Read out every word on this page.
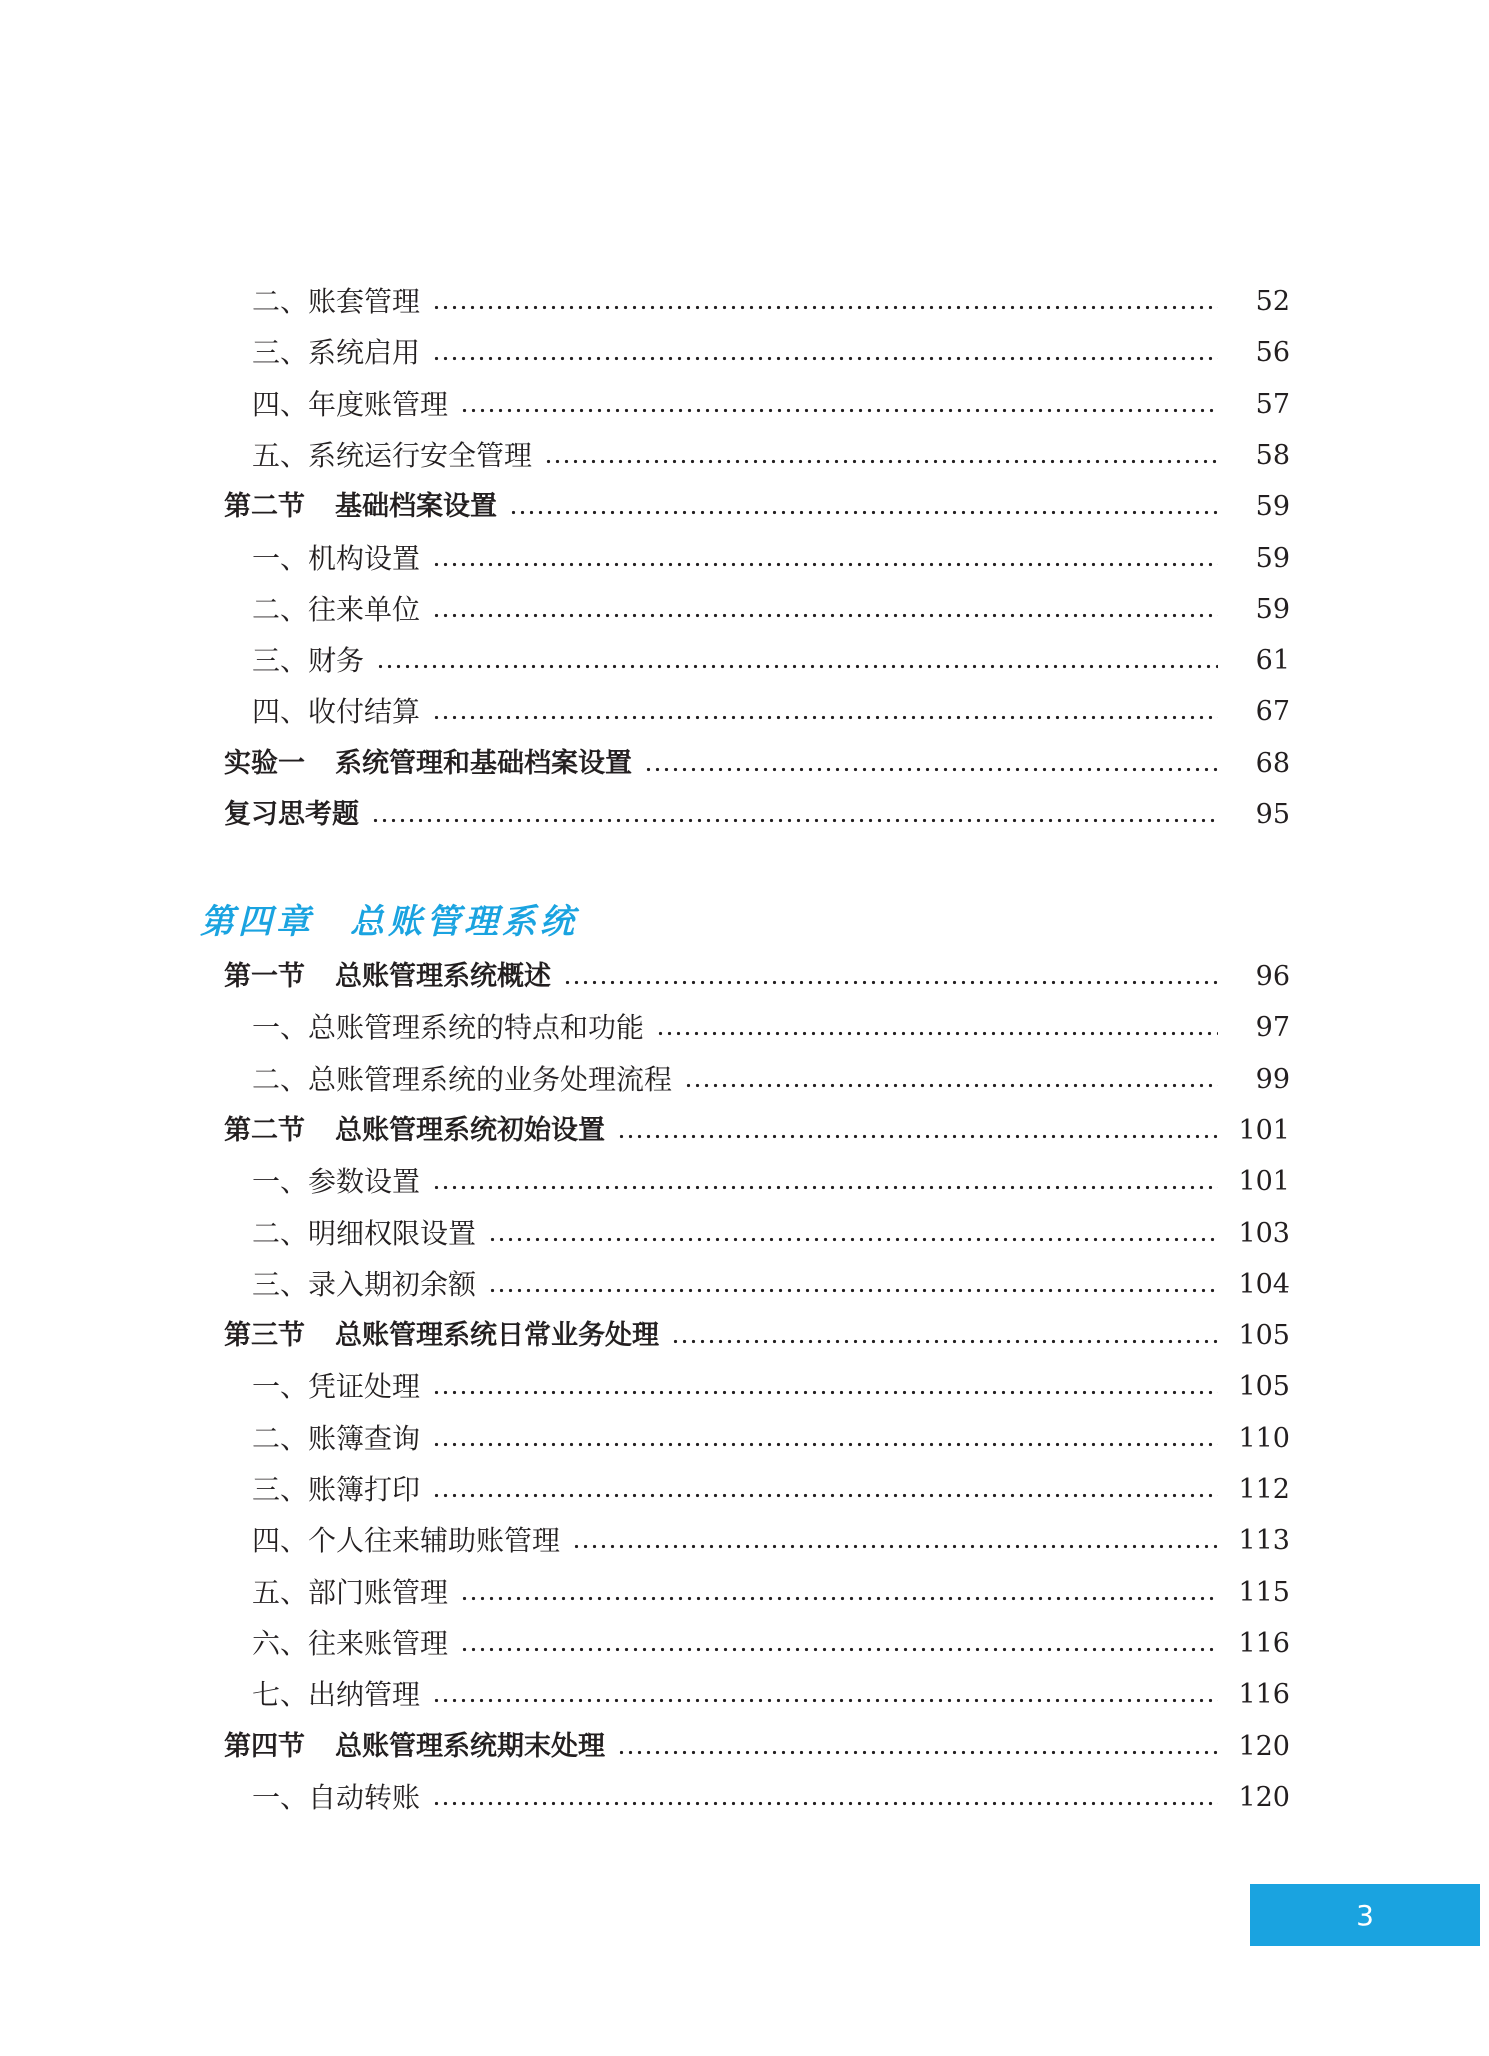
二、账套管理	52
三、系统启用	56
四、年度账管理	57
五、系统运行安全管理	58
第二节 基础档案设置	59
一、机构设置	59
二、往来单位	59
三、财务	61
四、收付结算	67
实验一 系统管理和基础档案设置	68
复习思考题	95
第一节 总账管理系统概述	96
一、总账管理系统的特点和功能	97
二、总账管理系统的业务处理流程	99
第二节 总账管理系统初始设置	101
一、参数设置	101
二、明细权限设置	103
三、录入期初余额	104
第三节 总账管理系统日常业务处理	105
一、凭证处理	105
二、账簿查询	110
三、账簿打印	112
四、个人往来辅助账管理	113
五、部门账管理	115
六、往来账管理	116
七、出纳管理	116
第四节 总账管理系统期末处理	120
一、自动转账	120
第四章 总账管理系统
3
